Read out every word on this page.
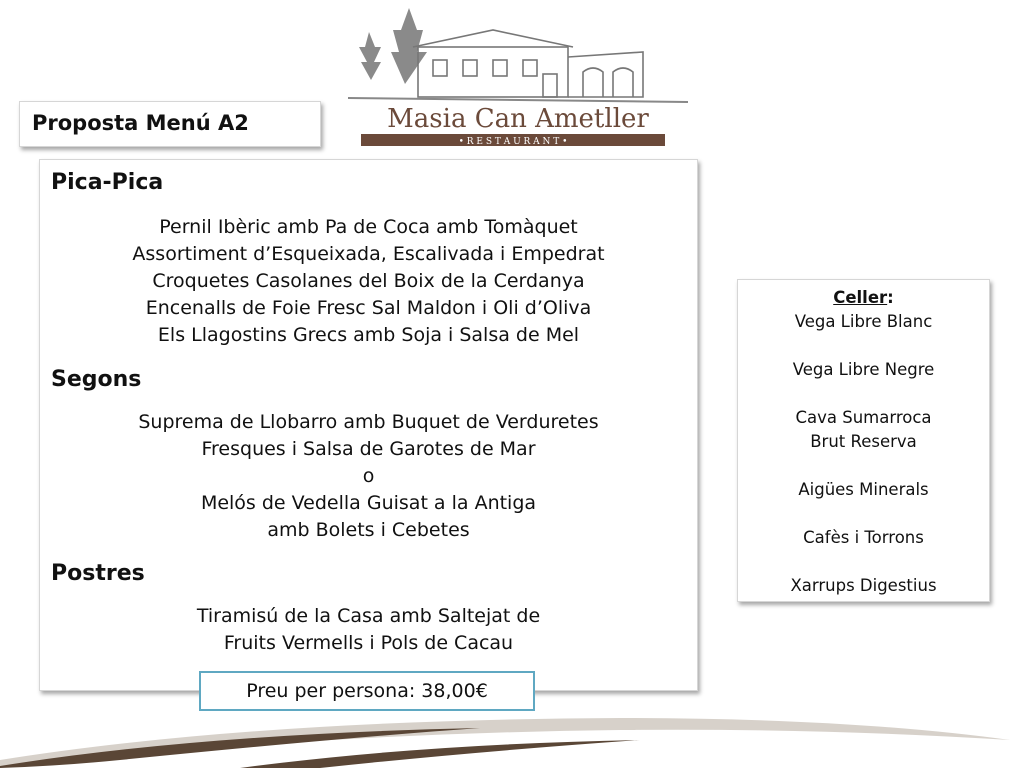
Masia Can Ametller
• R E S T A U R A N T •
Proposta Menú A2
Pica-Pica
Pernil Ibèric amb Pa de Coca amb Tomàquet
Assortiment d’Esqueixada, Escalivada i Empedrat
Croquetes Casolanes del Boix de la Cerdanya
Encenalls de Foie Fresc Sal Maldon i Oli d’Oliva
Els Llagostins Grecs amb Soja i Salsa de Mel
Segons
Suprema de Llobarro amb Buquet de Verduretes
Fresques i Salsa de Garotes de Mar
o
Melós de Vedella Guisat a la Antiga
amb Bolets i Cebetes
Postres
Tiramisú de la Casa amb Saltejat de
Fruits Vermells i Pols de Cacau
Preu per persona: 38,00€
Celler:
Vega Libre Blanc
Vega Libre Negre
Cava Sumarroca
Brut Reserva
Aigües Minerals
Cafès i Torrons
Xarrups Digestius
